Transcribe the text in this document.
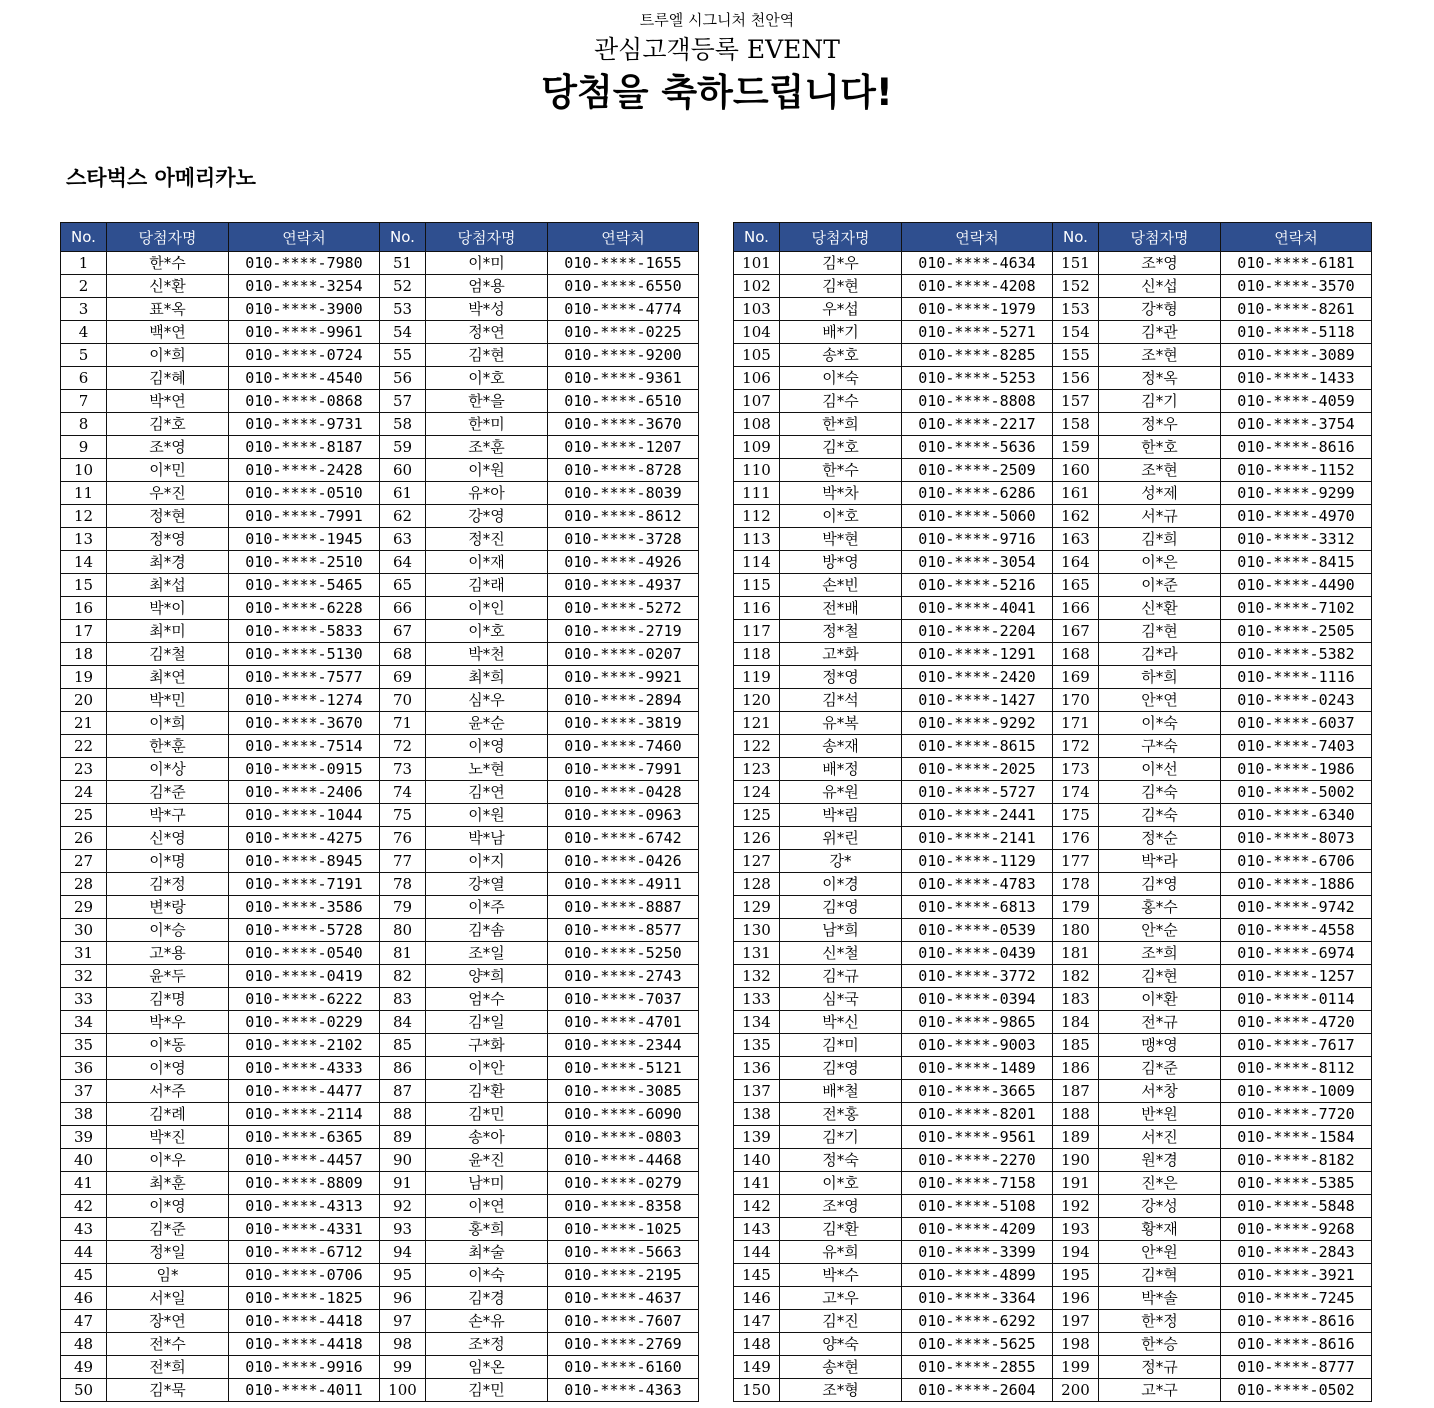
트루엘 시그니처 천안역
관심고객등록 EVENT
당첨을 축하드립니다!
스타벅스 아메리카노
No.	당첨자명	연락처	No.	당첨자명	연락처
1	한*수	010-****-7980	51	이*미	010-****-1655
2	신*환	010-****-3254	52	엄*용	010-****-6550
3	표*옥	010-****-3900	53	박*성	010-****-4774
4	백*연	010-****-9961	54	정*연	010-****-0225
5	이*희	010-****-0724	55	김*현	010-****-9200
6	김*혜	010-****-4540	56	이*호	010-****-9361
7	박*연	010-****-0868	57	한*을	010-****-6510
8	김*호	010-****-9731	58	한*미	010-****-3670
9	조*영	010-****-8187	59	조*훈	010-****-1207
10	이*민	010-****-2428	60	이*원	010-****-8728
11	우*진	010-****-0510	61	유*아	010-****-8039
12	정*현	010-****-7991	62	강*영	010-****-8612
13	정*영	010-****-1945	63	정*진	010-****-3728
14	최*경	010-****-2510	64	이*재	010-****-4926
15	최*섭	010-****-5465	65	김*래	010-****-4937
16	박*이	010-****-6228	66	이*인	010-****-5272
17	최*미	010-****-5833	67	이*호	010-****-2719
18	김*철	010-****-5130	68	박*천	010-****-0207
19	최*연	010-****-7577	69	최*희	010-****-9921
20	박*민	010-****-1274	70	심*우	010-****-2894
21	이*희	010-****-3670	71	윤*순	010-****-3819
22	한*훈	010-****-7514	72	이*영	010-****-7460
23	이*상	010-****-0915	73	노*현	010-****-7991
24	김*준	010-****-2406	74	김*연	010-****-0428
25	박*구	010-****-1044	75	이*원	010-****-0963
26	신*영	010-****-4275	76	박*남	010-****-6742
27	이*명	010-****-8945	77	이*지	010-****-0426
28	김*정	010-****-7191	78	강*열	010-****-4911
29	변*랑	010-****-3586	79	이*주	010-****-8887
30	이*승	010-****-5728	80	김*솜	010-****-8577
31	고*용	010-****-0540	81	조*일	010-****-5250
32	윤*두	010-****-0419	82	양*희	010-****-2743
33	김*명	010-****-6222	83	엄*수	010-****-7037
34	박*우	010-****-0229	84	김*일	010-****-4701
35	이*동	010-****-2102	85	구*화	010-****-2344
36	이*영	010-****-4333	86	이*안	010-****-5121
37	서*주	010-****-4477	87	김*환	010-****-3085
38	김*례	010-****-2114	88	김*민	010-****-6090
39	박*진	010-****-6365	89	송*아	010-****-0803
40	이*우	010-****-4457	90	윤*진	010-****-4468
41	최*훈	010-****-8809	91	남*미	010-****-0279
42	이*영	010-****-4313	92	이*연	010-****-8358
43	김*준	010-****-4331	93	홍*희	010-****-1025
44	정*일	010-****-6712	94	최*술	010-****-5663
45	임*	010-****-0706	95	이*숙	010-****-2195
46	서*일	010-****-1825	96	김*경	010-****-4637
47	장*연	010-****-4418	97	손*유	010-****-7607
48	전*수	010-****-4418	98	조*정	010-****-2769
49	전*희	010-****-9916	99	임*온	010-****-6160
50	김*묵	010-****-4011	100	김*민	010-****-4363
No.	당첨자명	연락처	No.	당첨자명	연락처
101	김*우	010-****-4634	151	조*영	010-****-6181
102	김*현	010-****-4208	152	신*섭	010-****-3570
103	우*섭	010-****-1979	153	강*형	010-****-8261
104	배*기	010-****-5271	154	김*관	010-****-5118
105	송*호	010-****-8285	155	조*현	010-****-3089
106	이*숙	010-****-5253	156	정*옥	010-****-1433
107	김*수	010-****-8808	157	김*기	010-****-4059
108	한*희	010-****-2217	158	정*우	010-****-3754
109	김*호	010-****-5636	159	한*호	010-****-8616
110	한*수	010-****-2509	160	조*현	010-****-1152
111	박*차	010-****-6286	161	성*제	010-****-9299
112	이*호	010-****-5060	162	서*규	010-****-4970
113	박*현	010-****-9716	163	김*희	010-****-3312
114	방*영	010-****-3054	164	이*은	010-****-8415
115	손*빈	010-****-5216	165	이*준	010-****-4490
116	전*배	010-****-4041	166	신*환	010-****-7102
117	정*철	010-****-2204	167	김*현	010-****-2505
118	고*화	010-****-1291	168	김*라	010-****-5382
119	정*영	010-****-2420	169	하*희	010-****-1116
120	김*석	010-****-1427	170	안*연	010-****-0243
121	유*복	010-****-9292	171	이*숙	010-****-6037
122	송*재	010-****-8615	172	구*숙	010-****-7403
123	배*정	010-****-2025	173	이*선	010-****-1986
124	유*원	010-****-5727	174	김*숙	010-****-5002
125	박*림	010-****-2441	175	김*숙	010-****-6340
126	위*린	010-****-2141	176	정*순	010-****-8073
127	강*	010-****-1129	177	박*라	010-****-6706
128	이*경	010-****-4783	178	김*영	010-****-1886
129	김*영	010-****-6813	179	홍*수	010-****-9742
130	남*희	010-****-0539	180	안*순	010-****-4558
131	신*철	010-****-0439	181	조*희	010-****-6974
132	김*규	010-****-3772	182	김*현	010-****-1257
133	심*국	010-****-0394	183	이*환	010-****-0114
134	박*신	010-****-9865	184	전*규	010-****-4720
135	김*미	010-****-9003	185	맹*영	010-****-7617
136	김*영	010-****-1489	186	김*준	010-****-8112
137	배*철	010-****-3665	187	서*창	010-****-1009
138	전*홍	010-****-8201	188	반*원	010-****-7720
139	김*기	010-****-9561	189	서*진	010-****-1584
140	정*숙	010-****-2270	190	원*경	010-****-8182
141	이*호	010-****-7158	191	진*은	010-****-5385
142	조*영	010-****-5108	192	강*성	010-****-5848
143	김*환	010-****-4209	193	황*재	010-****-9268
144	유*희	010-****-3399	194	안*원	010-****-2843
145	박*수	010-****-4899	195	김*혁	010-****-3921
146	고*우	010-****-3364	196	박*솔	010-****-7245
147	김*진	010-****-6292	197	한*정	010-****-8616
148	양*숙	010-****-5625	198	한*승	010-****-8616
149	송*현	010-****-2855	199	정*규	010-****-8777
150	조*형	010-****-2604	200	고*구	010-****-0502
